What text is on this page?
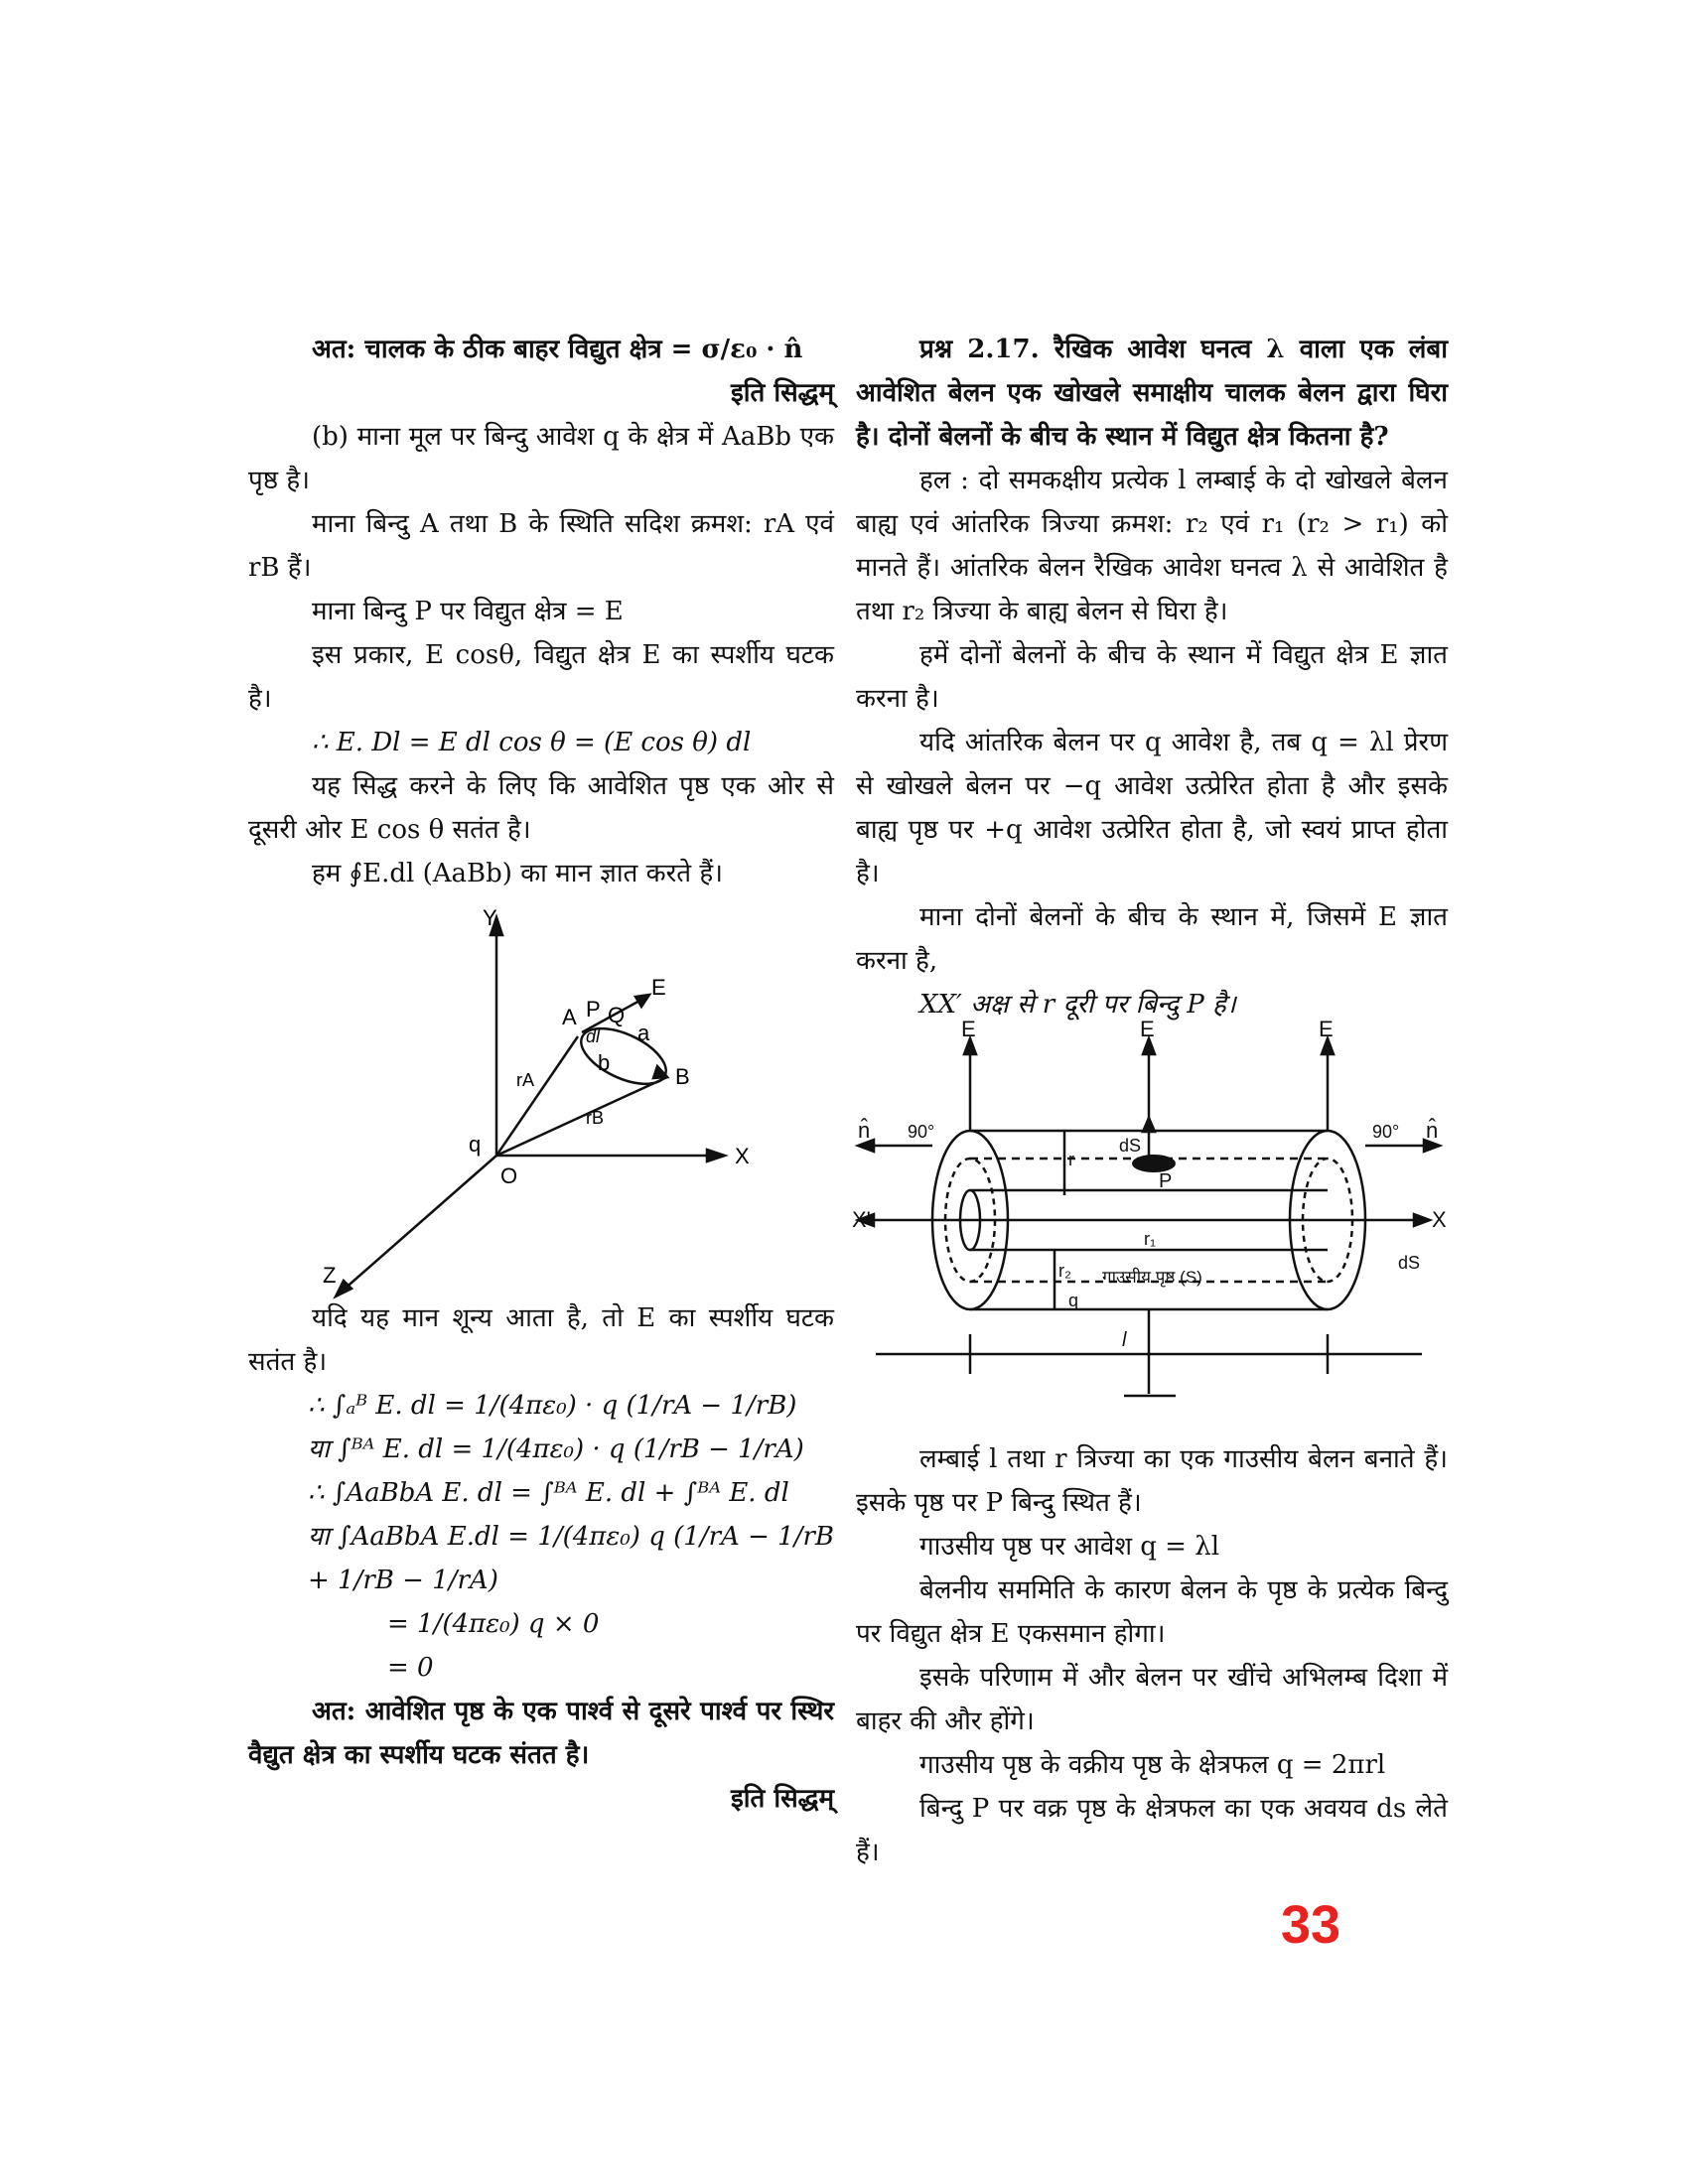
अत: चालक के ठीक बाहर विद्युत क्षेत्र = σ/ε₀ · n̂

इति सिद्धम्

(b) माना मूल पर बिन्दु आवेश q के क्षेत्र में AaBb एक पृष्ठ है।

माना बिन्दु A तथा B के स्थिति सदिश क्रमश: rA एवं rB हैं।

माना बिन्दु P पर विद्युत क्षेत्र = E

इस प्रकार, E cosθ, विद्युत क्षेत्र E का स्पर्शीय घटक है।

∴ E. Dl = E dl cos θ = (E cos θ) dl

यह सिद्ध करने के लिए कि आवेशित पृष्ठ एक ओर से दूसरी ओर E cos θ सतंत है।

हम ∮E.dl (AaBb) का मान ज्ञात करते हैं।

Y
Z
X
O
q
A P Q
E
a
b
B
dl
rA
rB

यदि यह मान शून्य आता है, तो E का स्पर्शीय घटक सतंत है।

∴ ∫ₐᴮ E. dl = 1/(4πε₀) · q (1/rA − 1/rB)

या ∫ᴮᴬ E. dl = 1/(4πε₀) · q (1/rB − 1/rA)

∴ ∫AaBbA E. dl = ∫ᴮᴬ E. dl + ∫ᴮᴬ E. dl

या ∫AaBbA E.dl = 1/(4πε₀) q (1/rA − 1/rB + 1/rB − 1/rA)

= 1/(4πε₀) q × 0

= 0

अत: आवेशित पृष्ठ के एक पार्श्व से दूसरे पार्श्व पर स्थिर वैद्युत क्षेत्र का स्पर्शीय घटक संतत है।

इति सिद्धम्

प्रश्न 2.17. रैखिक आवेश घनत्व λ वाला एक लंबा आवेशित बेलन एक खोखले समाक्षीय चालक बेलन द्वारा घिरा है। दोनों बेलनों के बीच के स्थान में विद्युत क्षेत्र कितना है?

हल : दो समकक्षीय प्रत्येक l लम्बाई के दो खोखले बेलन बाह्य एवं आंतरिक त्रिज्या क्रमश: r₂ एवं r₁ (r₂ > r₁) को मानते हैं। आंतरिक बेलन रैखिक आवेश घनत्व λ से आवेशित है तथा r₂ त्रिज्या के बाह्य बेलन से घिरा है।

हमें दोनों बेलनों के बीच के स्थान में विद्युत क्षेत्र E ज्ञात करना है।

यदि आंतरिक बेलन पर q आवेश है, तब q = λl प्रेरण से खोखले बेलन पर −q आवेश उत्प्रेरित होता है और इसके बाह्य पृष्ठ पर +q आवेश उत्प्रेरित होता है, जो स्वयं प्राप्त होता है।

माना दोनों बेलनों के बीच के स्थान में, जिसमें E ज्ञात करना है,

XX′ अक्ष से r दूरी पर बिन्दु P है।

E	E	E
n̂	n̂
90°	90°
dS
P
X
X'
r
r₁
r₂
q
गाउसीय पृष्ठ (S)
dS
l

लम्बाई l तथा r त्रिज्या का एक गाउसीय बेलन बनाते हैं। इसके पृष्ठ पर P बिन्दु स्थित हैं।

गाउसीय पृष्ठ पर आवेश q = λl

बेलनीय सममिति के कारण बेलन के पृष्ठ के प्रत्येक बिन्दु पर विद्युत क्षेत्र E एकसमान होगा।

इसके परिणाम में और बेलन पर खींचे अभिलम्ब दिशा में बाहर की और होंगे।

गाउसीय पृष्ठ के वक्रीय पृष्ठ के क्षेत्रफल q = 2πrl

बिन्दु P पर वक्र पृष्ठ के क्षेत्रफल का एक अवयव ds लेते हैं।

33
